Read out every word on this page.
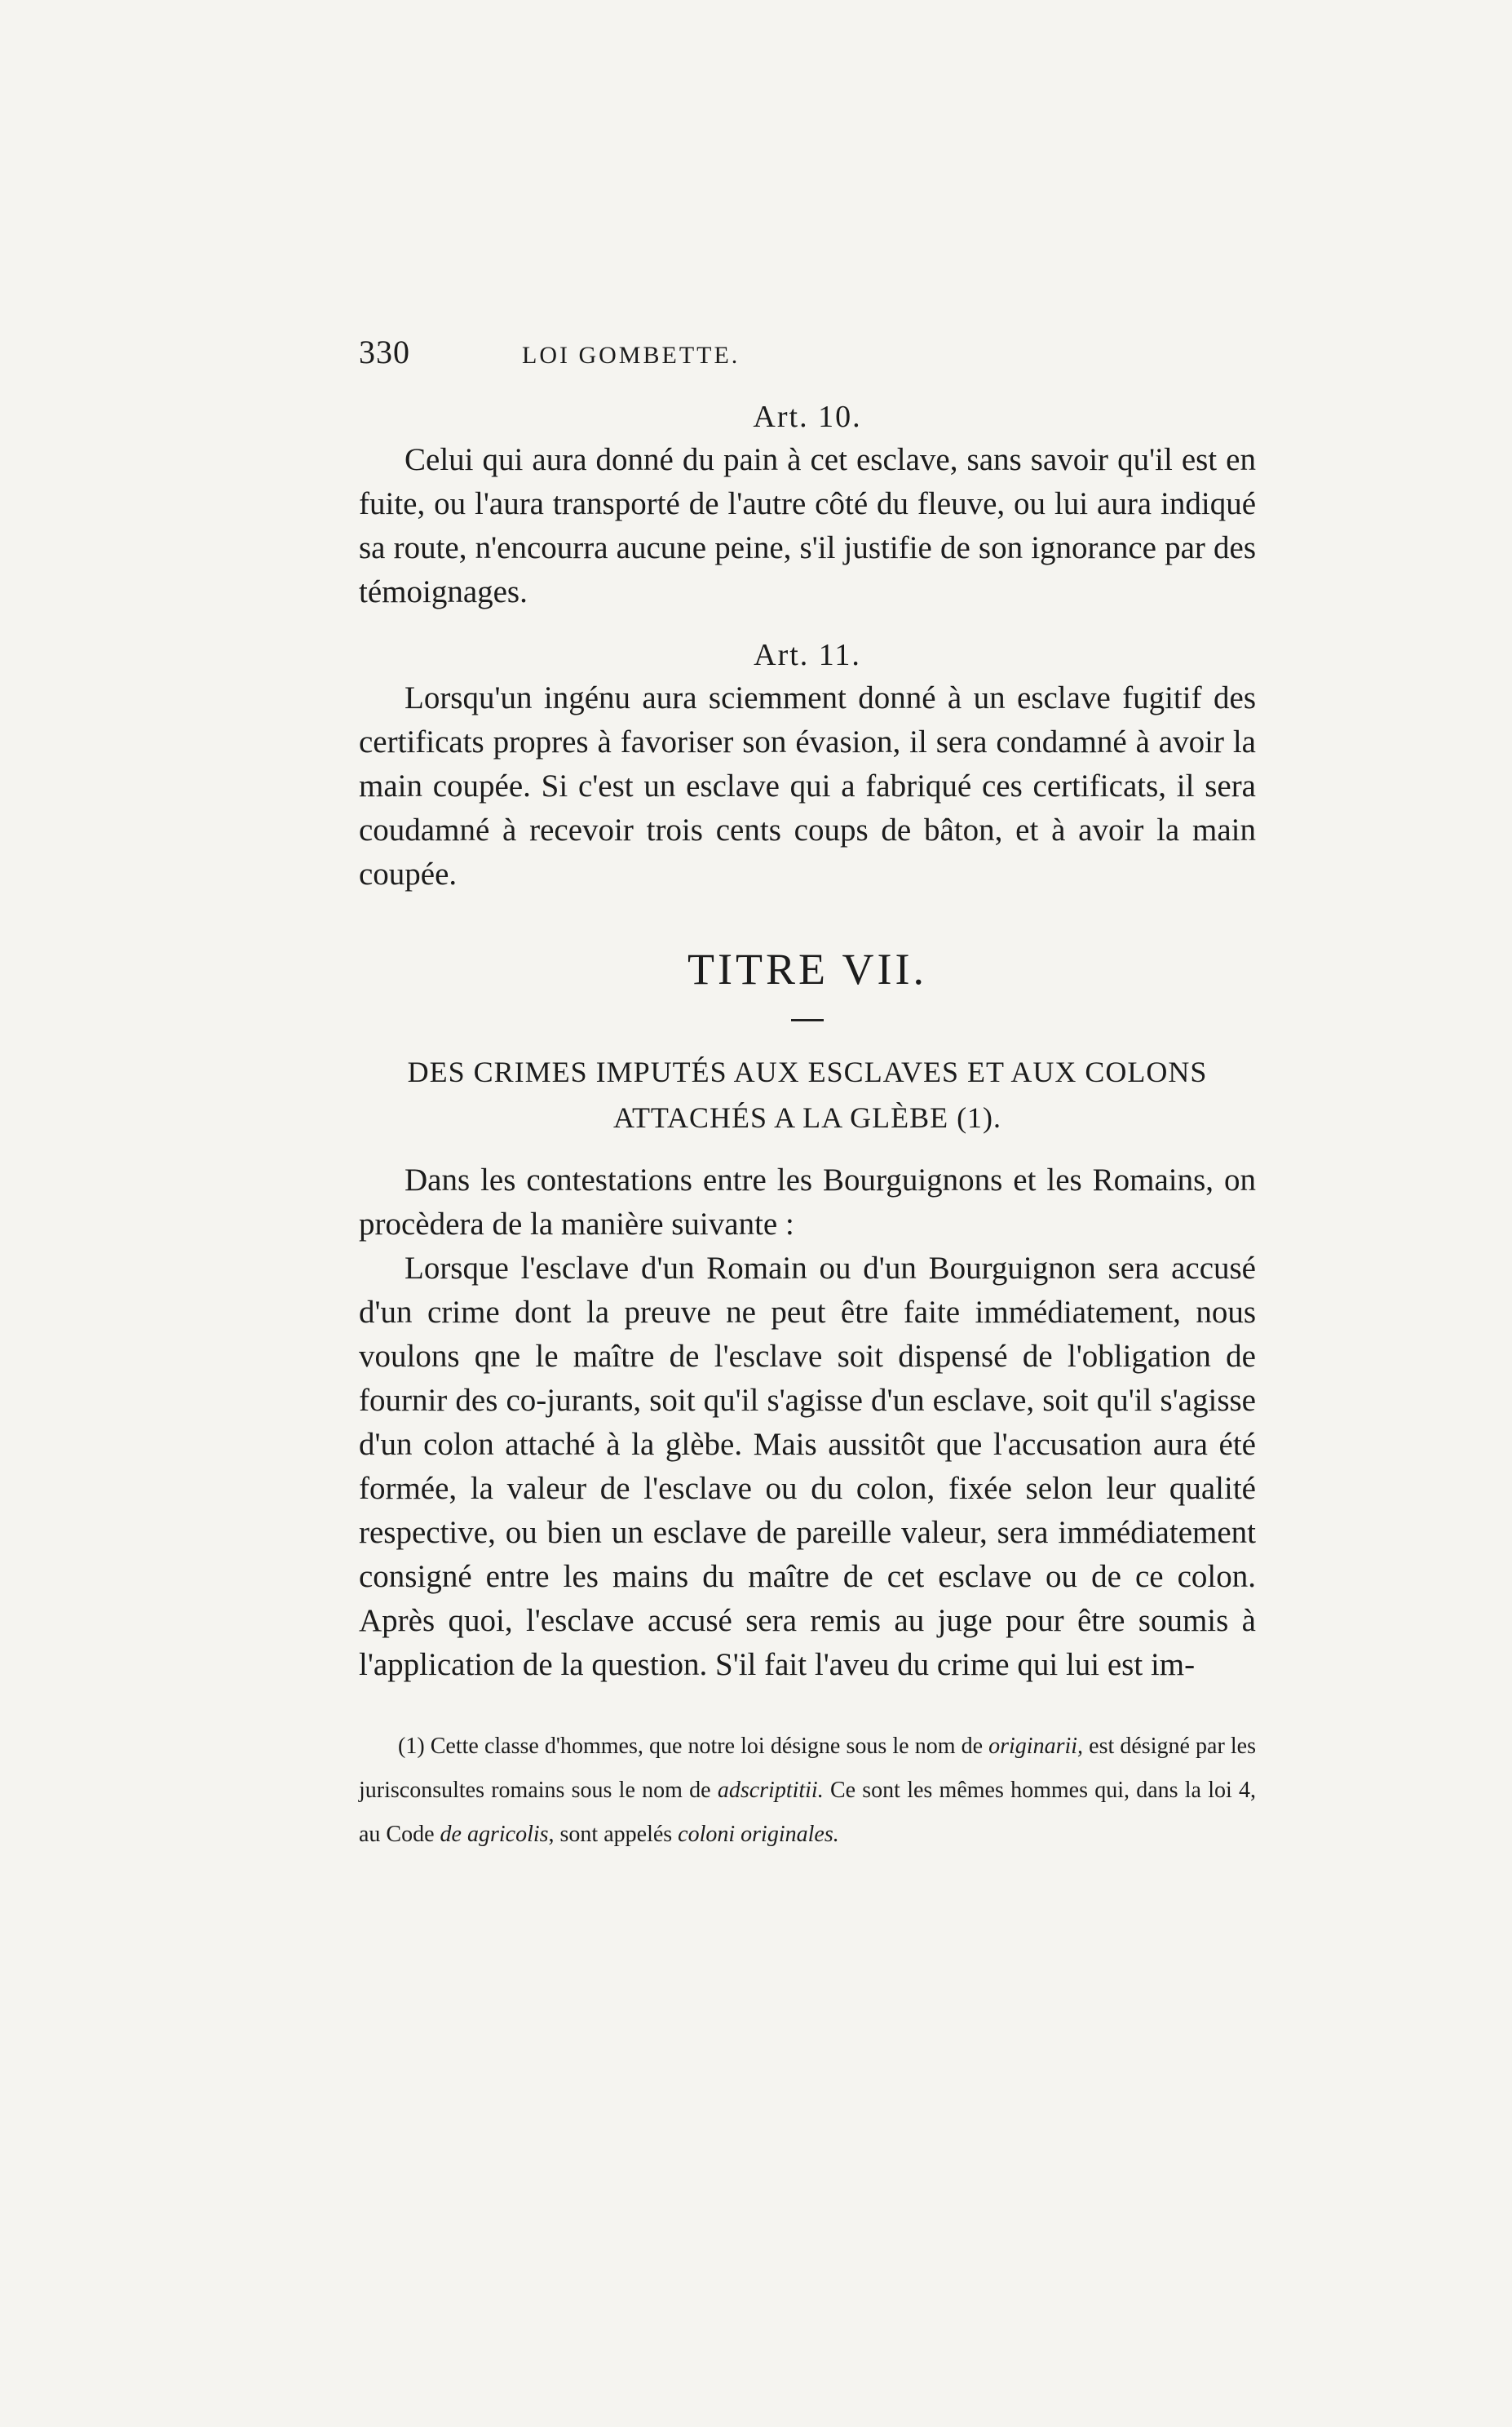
330	LOI GOMBETTE.

Art. 10.

Celui qui aura donné du pain à cet esclave, sans savoir qu'il est en fuite, ou l'aura transporté de l'autre côté du fleuve, ou lui aura indiqué sa route, n'encourra aucune peine, s'il justifie de son ignorance par des témoignages.

Art. 11.

Lorsqu'un ingénu aura sciemment donné à un esclave fugitif des certificats propres à favoriser son évasion, il sera condamné à avoir la main coupée. Si c'est un esclave qui a fabriqué ces certificats, il sera coudamné à recevoir trois cents coups de bâton, et à avoir la main coupée.

TITRE VII.

DES CRIMES IMPUTÉS AUX ESCLAVES ET AUX COLONS ATTACHÉS A LA GLÈBE (1).

Dans les contestations entre les Bourguignons et les Romains, on procèdera de la manière suivante :

Lorsque l'esclave d'un Romain ou d'un Bourguignon sera accusé d'un crime dont la preuve ne peut être faite immédiatement, nous voulons qne le maître de l'esclave soit dispensé de l'obligation de fournir des co-jurants, soit qu'il s'agisse d'un esclave, soit qu'il s'agisse d'un colon attaché à la glèbe. Mais aussitôt que l'accusation aura été formée, la valeur de l'esclave ou du colon, fixée selon leur qualité respective, ou bien un esclave de pareille valeur, sera immédiatement consigné entre les mains du maître de cet esclave ou de ce colon. Après quoi, l'esclave accusé sera remis au juge pour être soumis à l'application de la question. S'il fait l'aveu du crime qui lui est im-

(1) Cette classe d'hommes, que notre loi désigne sous le nom de originarii, est désigné par les jurisconsultes romains sous le nom de adscriptitii. Ce sont les mêmes hommes qui, dans la loi 4, au Code de agricolis, sont appelés coloni originales.
